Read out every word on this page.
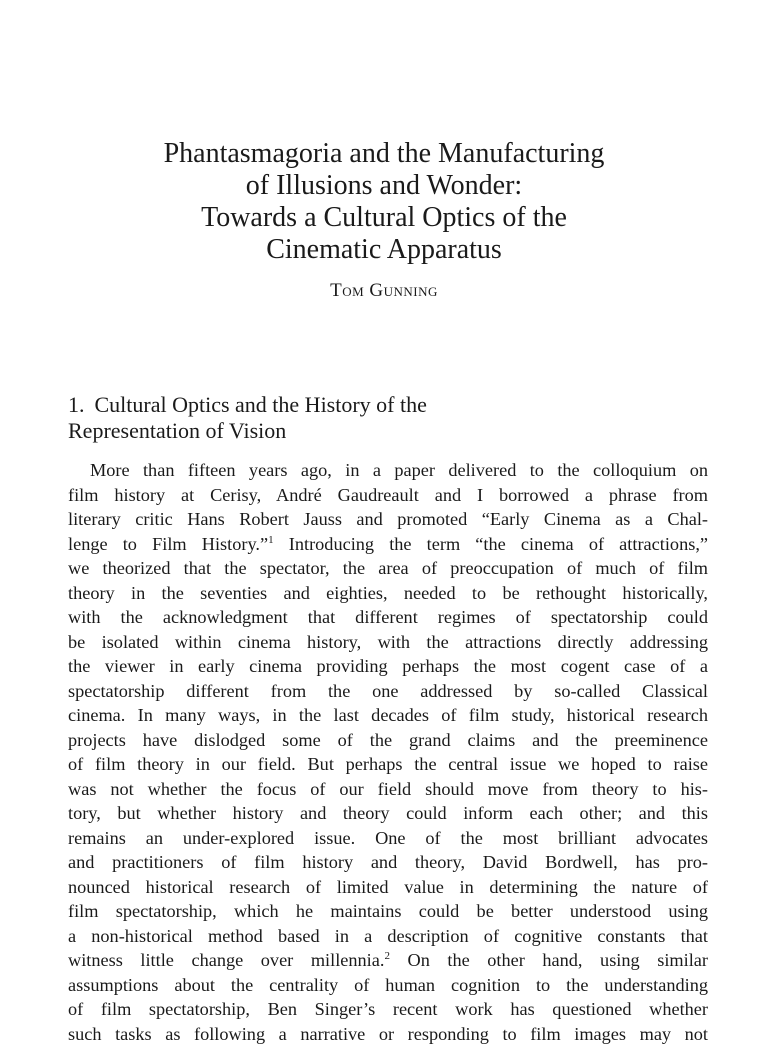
Phantasmagoria and the Manufacturing

of Illusions and Wonder:

Towards a Cultural Optics of the

Cinematic Apparatus

Tom Gunning
1. Cultural Optics and the History of the
Representation of Vision
More than fifteen years ago, in a paper delivered to the colloquium on
film history at Cerisy, André Gaudreault and I borrowed a phrase from
literary critic Hans Robert Jauss and promoted “Early Cinema as a Chal-
lenge to Film History.”$^1$ Introducing the term “the cinema of attractions,”
we theorized that the spectator, the area of preoccupation of much of film
theory in the seventies and eighties, needed to be rethought historically,
with the acknowledgment that different regimes of spectatorship could
be isolated within cinema history, with the attractions directly addressing
the viewer in early cinema providing perhaps the most cogent case of a
spectatorship different from the one addressed by so-called Classical
cinema. In many ways, in the last decades of film study, historical research
projects have dislodged some of the grand claims and the preeminence
of film theory in our field. But perhaps the central issue we hoped to raise
was not whether the focus of our field should move from theory to his-
tory, but whether history and theory could inform each other; and this
remains an under-explored issue. One of the most brilliant advocates
and practitioners of film history and theory, David Bordwell, has pro-
nounced historical research of limited value in determining the nature of
film spectatorship, which he maintains could be better understood using
a non-historical method based in a description of cognitive constants that
witness little change over millennia.$^2$ On the other hand, using similar
assumptions about the centrality of human cognition to the understanding
of film spectatorship, Ben Singer’s recent work has questioned whether
such tasks as following a narrative or responding to film images may not
